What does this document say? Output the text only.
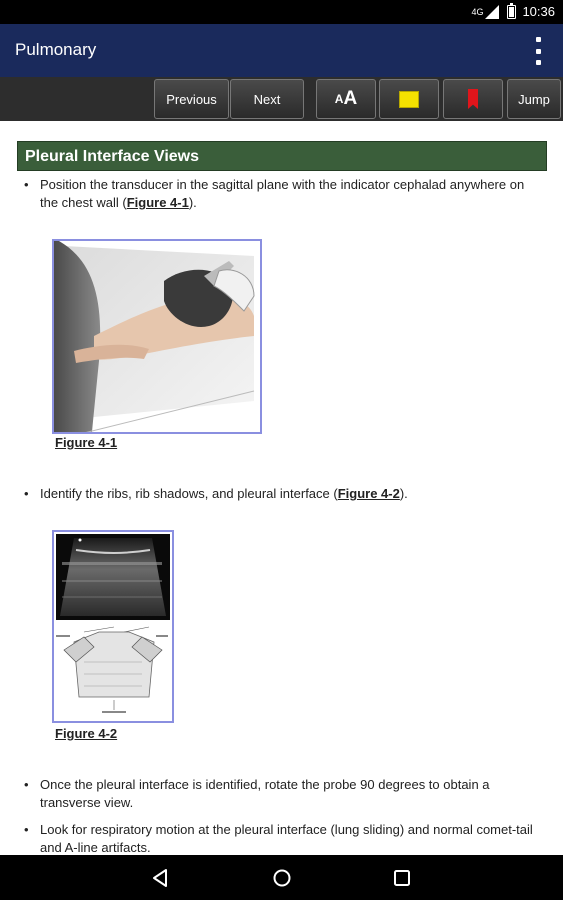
4G	10:36
Pulmonary
Previous	Next	A A	Jump
Pleural Interface Views
• Position the transducer in the sagittal plane with the indicator cephalad anywhere on the chest wall (Figure 4-1).
Figure 4-1
• Identify the ribs, rib shadows, and pleural interface (Figure 4-2).
Figure 4-2
• Once the pleural interface is identified, rotate the probe 90 degrees to obtain a transverse view.
• Look for respiratory motion at the pleural interface (lung sliding) and normal comet-tail and A-line artifacts.
